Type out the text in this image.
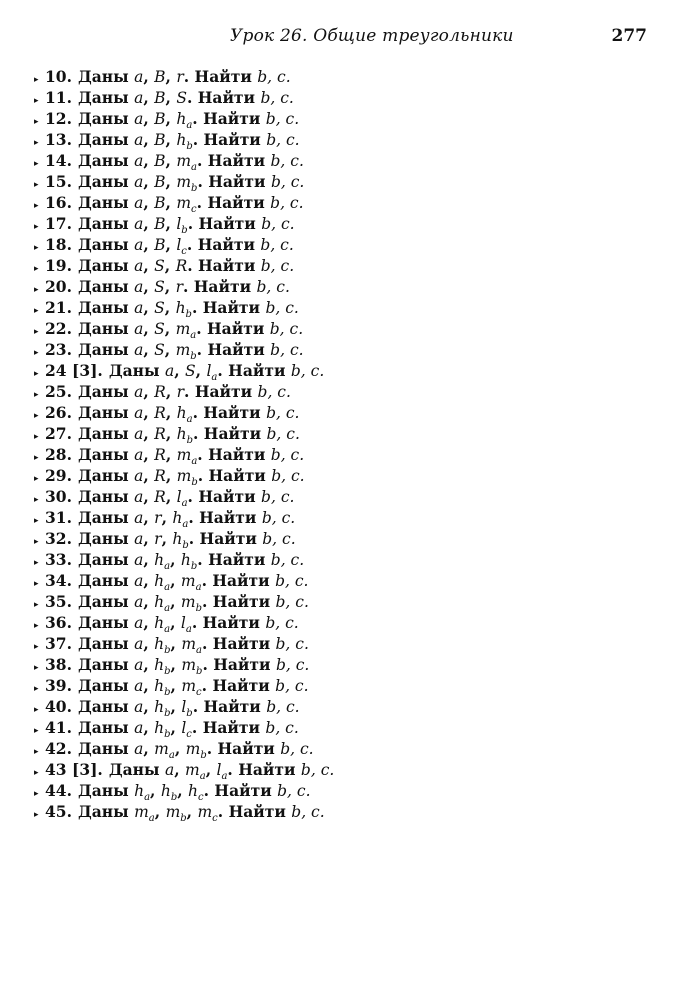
Урок 26. Общие треугольники	277
▸ 10. Даны
a , B , r . Найти
b, c.
▸ 11. Даны
a , B , S . Найти
b, c.
▸ 12. Даны
a , B , $h_a$ . Найти
b, c.
▸ 13. Даны
a , B , $h_b$ . Найти
b, c.
▸ 14. Даны
a , B , $m_a$ . Найти
b, c.
▸ 15. Даны
a , B , $m_b$ . Найти
b, c.
▸ 16. Даны
a , B , $m_c$ . Найти
b, c.
▸ 17. Даны
a , B , $l_b$ . Найти
b, c.
▸ 18. Даны
a , B , $l_c$ . Найти
b, c.
▸ 19. Даны
a , S , R . Найти
b, c.
▸ 20. Даны
a , S , r . Найти
b, c.
▸ 21. Даны
a , S , $h_b$ . Найти
b, c.
▸ 22. Даны
a , S , $m_a$ . Найти
b, c.
▸ 23. Даны
a , S , $m_b$ . Найти
b, c.
▸ 24 [3]. Даны
a , S , $l_a$ . Найти
b, c.
▸ 25. Даны
a , R , r . Найти
b, c.
▸ 26. Даны
a , R , $h_a$ . Найти
b, c.
▸ 27. Даны
a , R , $h_b$ . Найти
b, c.
▸ 28. Даны
a , R , $m_a$ . Найти
b, c.
▸ 29. Даны
a , R , $m_b$ . Найти
b, c.
▸ 30. Даны
a , R , $l_a$ . Найти
b, c.
▸ 31. Даны
a , r , $h_a$ . Найти
b, c.
▸ 32. Даны
a , r , $h_b$ . Найти
b, c.
▸ 33. Даны
a , $h_a$ , $h_b$ . Найти
b, c.
▸ 34. Даны
a , $h_a$ , $m_a$ . Найти
b, c.
▸ 35. Даны
a , $h_a$ , $m_b$ . Найти
b, c.
▸ 36. Даны
a , $h_a$ , $l_a$ . Найти
b, c.
▸ 37. Даны
a , $h_b$ , $m_a$ . Найти
b, c.
▸ 38. Даны
a , $h_b$ , $m_b$ . Найти
b, c.
▸ 39. Даны
a , $h_b$ , $m_c$ . Найти
b, c.
▸ 40. Даны
a , $h_b$ , $l_b$ . Найти
b, c.
▸ 41. Даны
a , $h_b$ , $l_c$ . Найти
b, c.
▸ 42. Даны
a , $m_a$ , $m_b$ . Найти
b, c.
▸ 43 [3]. Даны
a , $m_a$ , $l_a$ . Найти
b, c.
▸ 44. Даны
$h_a$ , $h_b$ , $h_c$ . Найти
b, c.
▸ 45. Даны
$m_a$ , $m_b$ , $m_c$ . Найти
b, c.
